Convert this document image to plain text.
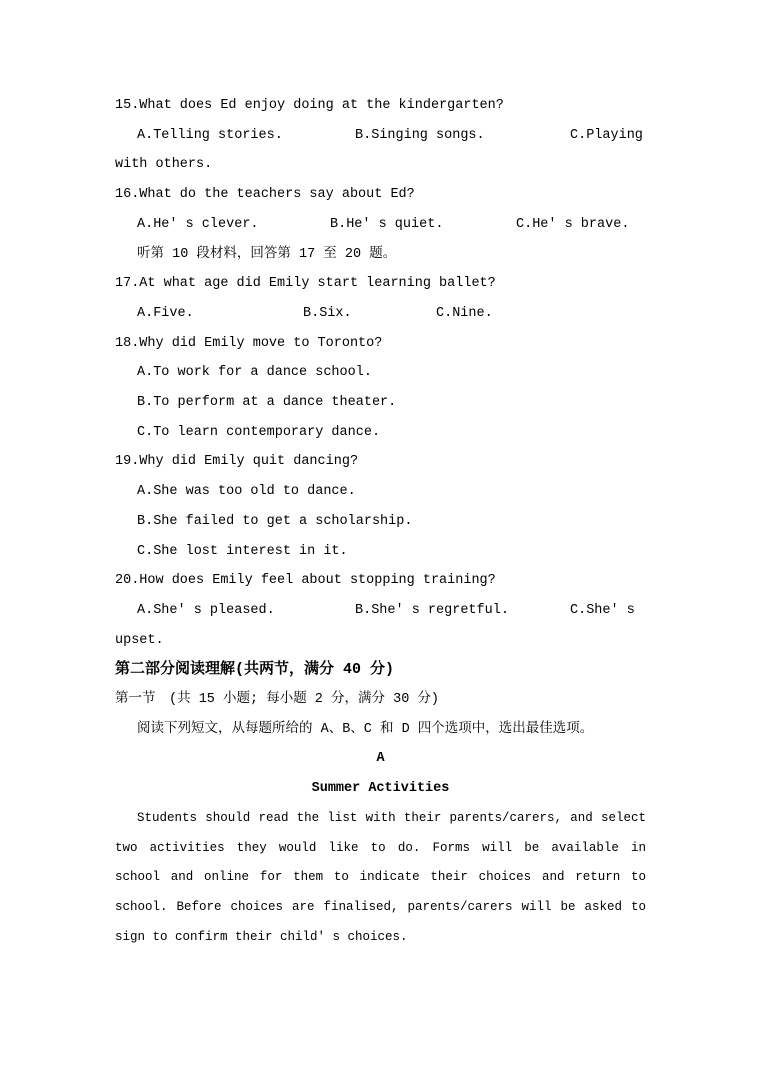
15.What does Ed enjoy doing at the kindergarten?
A.Telling stories.	B.Singing songs.	C.Playing with others.
16.What do the teachers say about Ed?
A.He' s clever.	B.He' s quiet.	C.He' s brave.
听第 10 段材料，回答第 17 至 20 题。
17.At what age did Emily start learning ballet?
A.Five.	B.Six.	C.Nine.
18.Why did Emily move to Toronto?
A.To work for a dance school.
B.To perform at a dance theater.
C.To learn contemporary dance.
19.Why did Emily quit dancing?
A.She was too old to dance.
B.She failed to get a scholarship.
C.She lost interest in it.
20.How does Emily feel about stopping training?
A.She' s pleased.	B.She' s regretful.	C.She' s upset.
第二部分阅读理解(共两节，满分 40 分)
第一节　(共 15 小题; 每小题 2 分，满分 30 分)
阅读下列短文，从每题所给的 A、B、C 和 D 四个选项中，选出最佳选项。
A
Summer Activities
Students should read the list with their parents/carers, and select two activities they would like to do. Forms will be available in school and online for them to indicate their choices and return to school. Before choices are finalised, parents/carers will be asked to sign to confirm their child' s choices.
